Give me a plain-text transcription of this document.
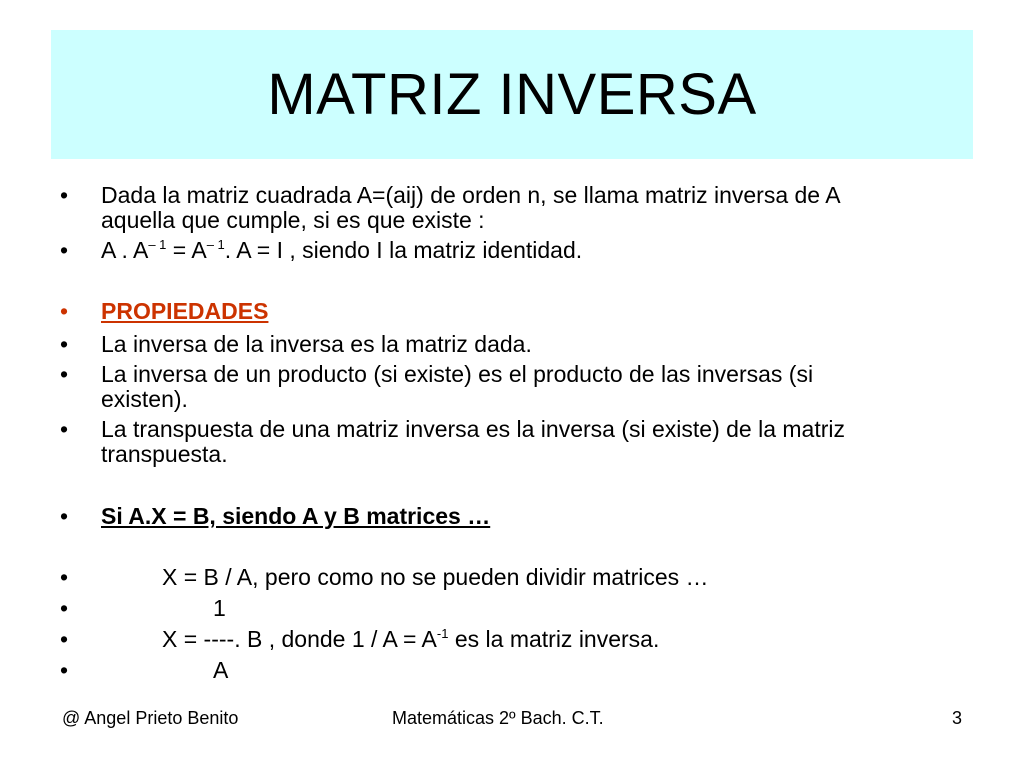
MATRIZ INVERSA
• Dada la matriz cuadrada A=(aij) de orden n, se llama matriz inversa de A
aquella que cumple, si es que existe :
• A . $A^{- 1} = A^{- 1}$. A = I , siendo I la matriz identidad.
• PROPIEDADES
• La inversa de la inversa es la matriz dada.
• La inversa de un producto (si existe) es el producto de las inversas (si
existen).
• La transpuesta de una matriz inversa es la inversa (si existe) de la matriz
transpuesta.
• Si A.X = B, siendo A y B matrices …
•	X = B / A, pero como no se pueden dividir matrices …
•	1
•	X = ----. B , donde $1 / A = A^{-1}$ es la matriz inversa.
•	A
@ Angel Prieto Benito	Matemáticas 2º Bach. C.T.	3
